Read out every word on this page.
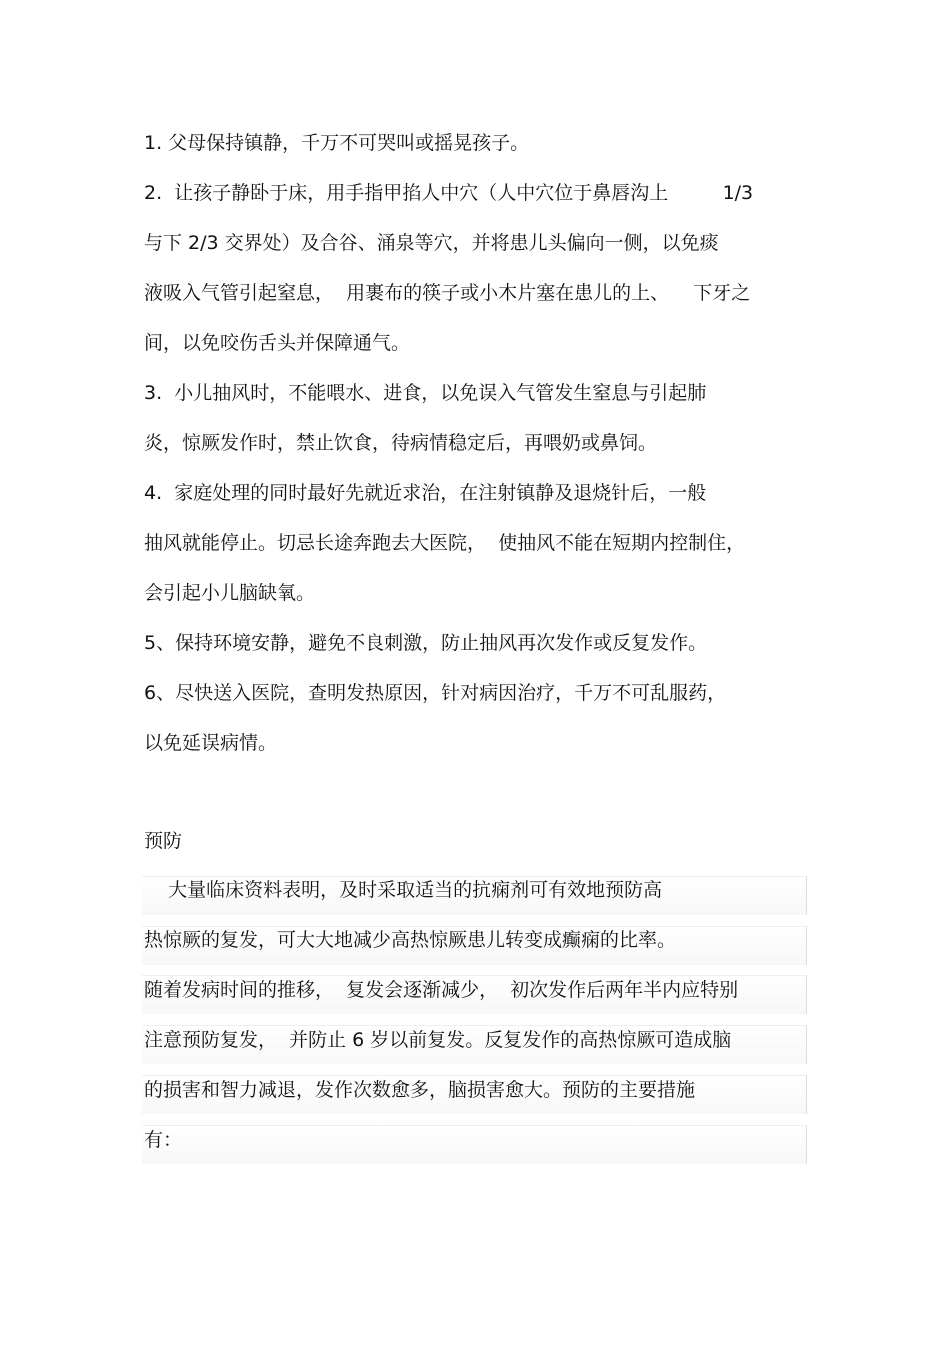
1. 父母保持镇静，千万不可哭叫或摇晃孩子。

2.  让孩子静卧于床，用手指甲掐人中穴（人中穴位于鼻唇沟上         1/3

与下 2/3 交界处）及合谷、涌泉等穴，并将患儿头偏向一侧，以免痰

液吸入气管引起窒息，  用裹布的筷子或小木片塞在患儿的上、    下牙之

间，以免咬伤舌头并保障通气。

3.  小儿抽风时，不能喂水、进食，以免误入气管发生窒息与引起肺

炎，惊厥发作时，禁止饮食，待病情稳定后，再喂奶或鼻饲。

4.  家庭处理的同时最好先就近求治，在注射镇静及退烧针后，一般

抽风就能停止。切忌长途奔跑去大医院，  使抽风不能在短期内控制住，

会引起小儿脑缺氧。

5、保持环境安静，避免不良刺激，防止抽风再次发作或反复发作。

6、尽快送入医院，查明发热原因，针对病因治疗，千万不可乱服药，

以免延误病情。

预防

大量临床资料表明，及时采取适当的抗痫剂可有效地预防高

热惊厥的复发，可大大地减少高热惊厥患儿转变成癫痫的比率。

随着发病时间的推移，  复发会逐渐减少，  初次发作后两年半内应特别

注意预防复发，  并防止 6 岁以前复发。反复发作的高热惊厥可造成脑

的损害和智力减退，发作次数愈多，脑损害愈大。预防的主要措施

有：
